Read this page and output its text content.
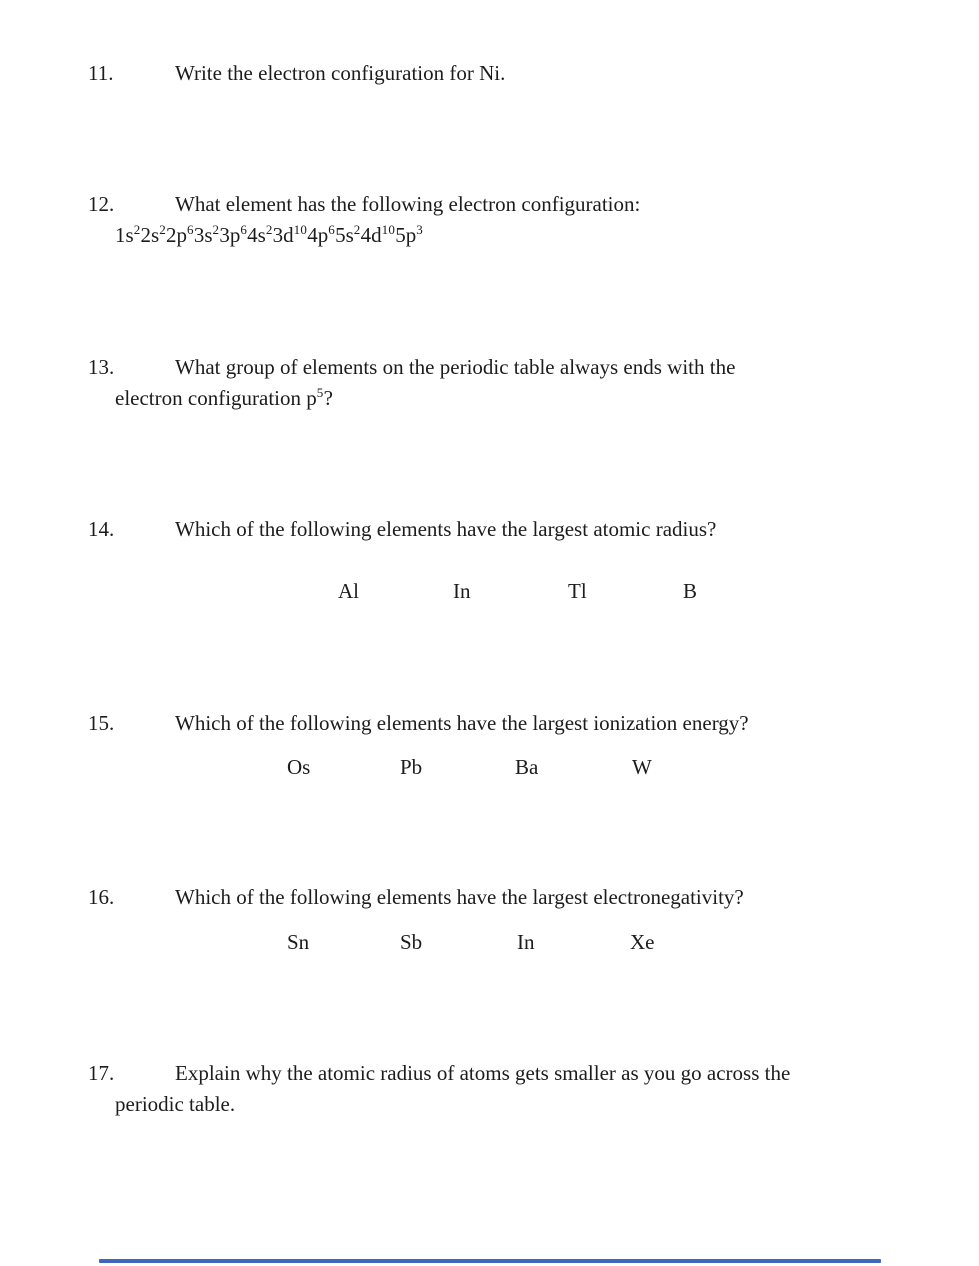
11.	Write the electron configuration for Ni.
12.	What element has the following electron configuration:
$1s^22s^22p^63s^23p^64s^23d^{10}4p^65s^24d^{10}5p^3$
13.	What group of elements on the periodic table always ends with the
electron configuration $p^5$?
14.	Which of the following elements have the largest atomic radius?
Al	In	Tl	B
15.	Which of the following elements have the largest ionization energy?
Os	Pb	Ba	W
16.	Which of the following elements have the largest electronegativity?
Sn	Sb	In	Xe
17.	Explain why the atomic radius of atoms gets smaller as you go across the
periodic table.
